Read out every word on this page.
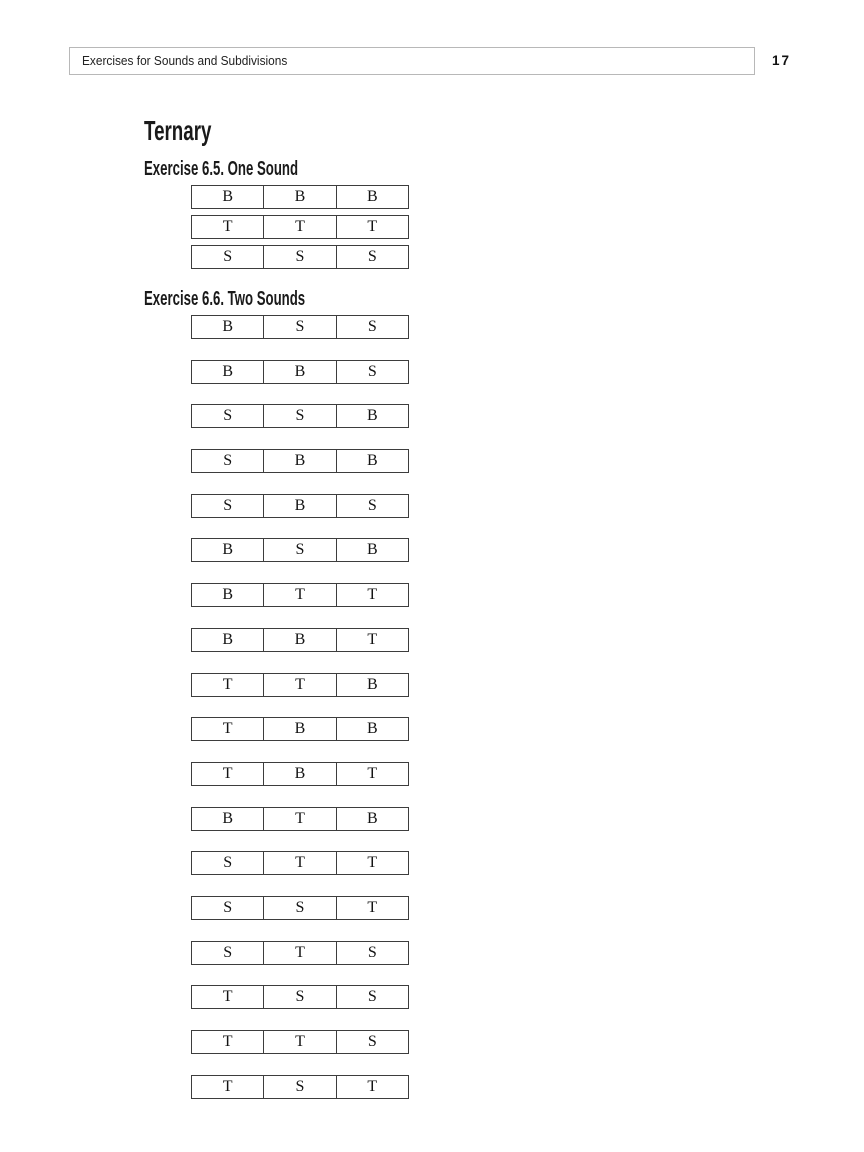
Exercises for Sounds and Subdivisions	17
Ternary
Exercise 6.5. One Sound
B	B	B
T	T	T
S	S	S
Exercise 6.6. Two Sounds
B	S	S
B	B	S
S	S	B
S	B	B
S	B	S
B	S	B
B	T	T
B	B	T
T	T	B
T	B	B
T	B	T
B	T	B
S	T	T
S	S	T
S	T	S
T	S	S
T	T	S
T	S	T
